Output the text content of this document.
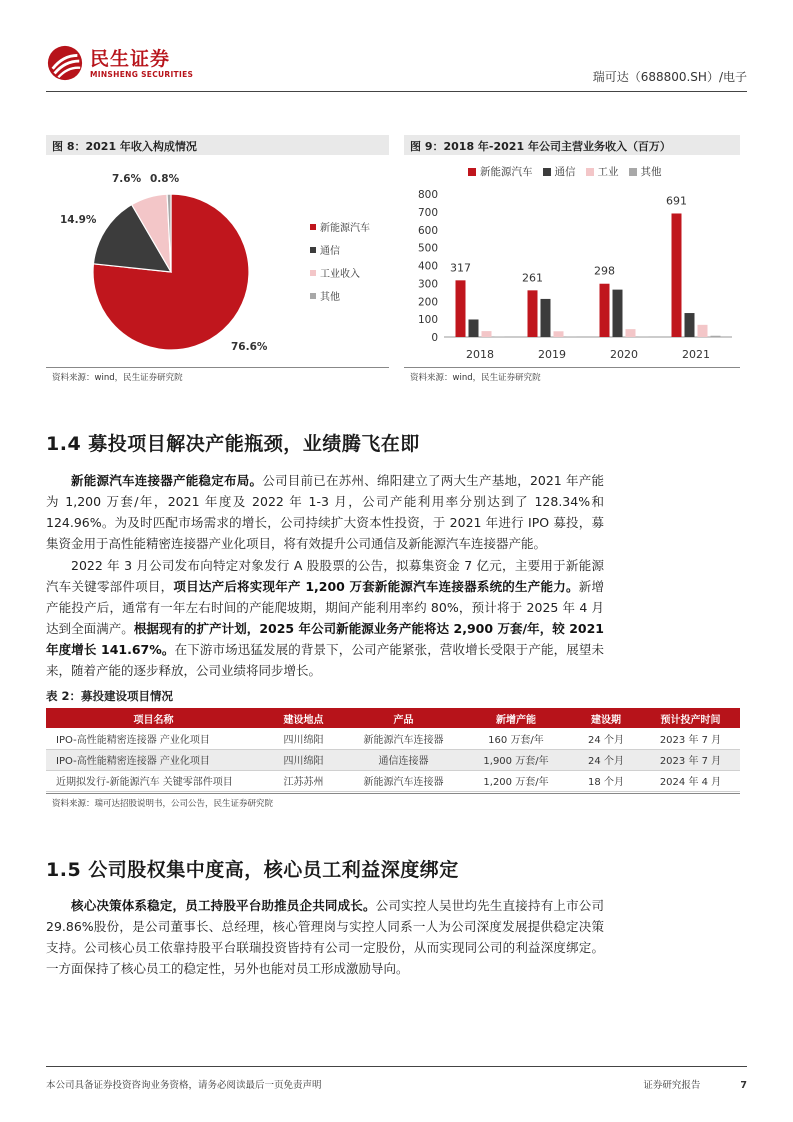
民生证券
MINSHENG SECURITIES	瑞可达（688800.SH）/电子
图 8：2021 年收入构成情况
7.6% 0.8%
14.9%
76.6%
新能源汽车
通信
工业收入
其他
资料来源：wind，民生证券研究院
图 9：2018 年-2021 年公司主营业务收入（百万）
新能源汽车 通信 工业 其他
0
100
200
300
400
500
600
700
800
317
2018
261
2019
298
2020
691
2021
资料来源：wind，民生证券研究院
1.4 募投项目解决产能瓶颈，业绩腾飞在即
新能源汽车连接器产能稳定布局。公司目前已在苏州、绵阳建立了两大生产基地，2021 年产能为 1,200 万套/年，2021 年度及 2022 年 1-3 月，公司产能利用率分别达到了 128.34%和 124.96%。为及时匹配市场需求的增长，公司持续扩大资本性投资，于 2021 年进行 IPO 募投，募集资金用于高性能精密连接器产业化项目，将有效提升公司通信及新能源汽车连接器产能。
2022 年 3 月公司发布向特定对象发行 A 股股票的公告，拟募集资金 7 亿元，主要用于新能源汽车关键零部件项目，项目达产后将实现年产 1,200 万套新能源汽车连接器系统的生产能力。新增产能投产后，通常有一年左右时间的产能爬坡期，期间产能利用率约 80%，预计将于 2025 年 4 月达到全面满产。根据现有的扩产计划，2025 年公司新能源业务产能将达 2,900 万套/年，较 2021 年度增长 141.67%。在下游市场迅猛发展的背景下，公司产能紧张，营收增长受限于产能，展望未来，随着产能的逐步释放，公司业绩将同步增长。
表 2：募投建设项目情况
项目名称	建设地点	产品	新增产能	建设期	预计投产时间
IPO-高性能精密连接器 产业化项目	四川绵阳	新能源汽车连接器	160 万套/年	24 个月	2023 年 7 月
IPO-高性能精密连接器 产业化项目	四川绵阳	通信连接器	1,900 万套/年	24 个月	2023 年 7 月
近期拟发行-新能源汽车 关键零部件项目	江苏苏州	新能源汽车连接器	1,200 万套/年	18 个月	2024 年 4 月
资料来源：瑞可达招股说明书，公司公告，民生证券研究院
1.5 公司股权集中度高，核心员工利益深度绑定
核心决策体系稳定，员工持股平台助推员企共同成长。公司实控人吴世均先生直接持有上市公司 29.86%股份，是公司董事长、总经理，核心管理岗与实控人同系一人为公司深度发展提供稳定决策支持。公司核心员工依靠持股平台联瑞投资皆持有公司一定股份，从而实现同公司的利益深度绑定。一方面保持了核心员工的稳定性，另外也能对员工形成激励导向。
本公司具备证券投资咨询业务资格，请务必阅读最后一页免责声明	证券研究报告	7
